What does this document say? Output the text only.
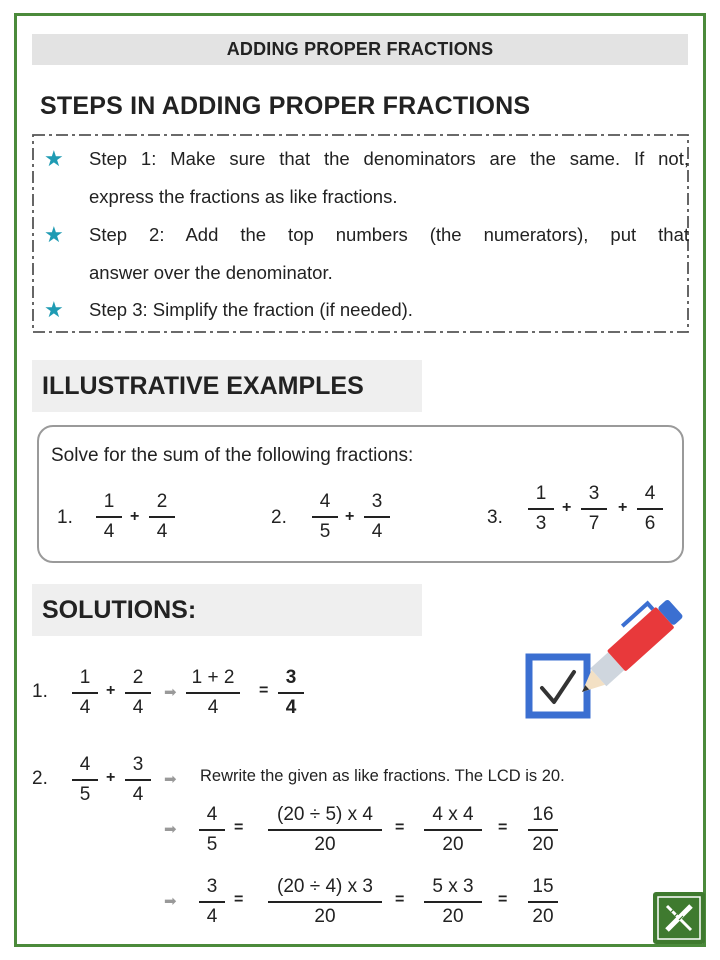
ADDING PROPER FRACTIONS
STEPS IN ADDING PROPER FRACTIONS
★ Step 1: Make sure that the denominators are the same. If not,
express the fractions as like fractions.
★ Step 2: Add the top numbers (the numerators), put that
answer over the denominator.
★ Step 3: Simplify the fraction (if needed).
ILLUSTRATIVE EXAMPLES
Solve for the sum of the following fractions:
1.
1
4
+
2
4
2.
4
5
+
3
4
3.
1
3
+
3
7
+
4
6
SOLUTIONS:
1.
1
4
+
2
4
➡
1 + 2
4
=
3
4
2.
4
5
+
3
4
➡ Rewrite the given as like fractions. The LCD is 20.
➡
4
5
=
(20 ÷ 5) x 4
20
=
4 x 4
20
=
16
20
➡
3
4
=
(20 ÷ 4) x 3
20
=
5 x 3
20
=
15
20
